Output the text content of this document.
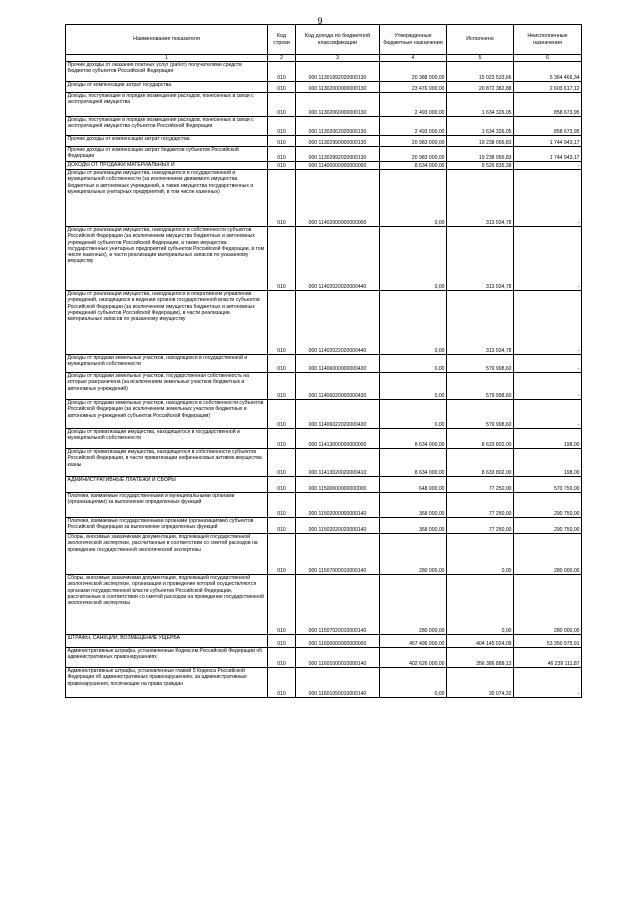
9
Наименование показателя	Код строки	Код дохода по бюджетной классификации	Утвержденные бюджетные назначения	Исполнено	Неисполненные назначения
1	2	3	4	5	6
Прочие доходы от оказания платных услуг (работ) получателями средств бюджетов субъектов Российской Федерации	010	000 11301992020000130	20 388 000,00	15 023 533,66	5 364 466,34
Доходы от компенсации затрат государства	010	000 11302000000000130	23 476 000,00	20 872 382,88	2 603 617,12
Доходы, поступающие в порядке возмещения расходов, понесенных в связи с эксплуатацией имущества	010	000 11302060000000130	2 493 000,00	1 634 326,05	858 673,95
Доходы, поступающие в порядке возмещения расходов, понесенных в связи с эксплуатацией имущества субъектов Российской Федерации	010	000 11302062020000130	2 493 000,00	1 634 326,05	858 673,95
Прочие доходы от компенсации затрат государства	010	000 11302990000000130	20 983 000,00	19 238 056,83	1 744 943,17
Прочие доходы от компенсации затрат бюджетов субъектов Российской Федерации	010	000 11302992020000130	20 983 000,00	19 238 056,83	1 744 943,17
ДОХОДЫ ОТ ПРОДАЖИ МАТЕРИАЛЬНЫХ И	010	000 11400000000000000	8 634 000,00	9 526 835,38	-
Доходы от реализации имущества, находящегося в государственной и муниципальной собственности (за исключением движимого имущества бюджетных и автономных учреждений, а также имущества государственных и муниципальных унитарных предприятий, в том числе казенных)	010	000 11402000000000000	0,00	313 034,78	-
Доходы от реализации имущества, находящегося в собственности субъектов Российской Федерации (за исключением имущества бюджетных и автономных учреждений субъектов Российской Федерации, а также имущества государственных унитарных предприятий субъектов Российской Федерации, в том числе казенных), в части реализации материальных запасов по указанному имуществу	010	000 11402020020000440	0,00	313 034,78	-
Доходы от реализации имущества, находящегося в оперативном управлении учреждений, находящихся в ведении органов государственной власти субъектов Российской Федерации (за исключением имущества бюджетных и автономных учреждений субъектов Российской Федерации), в части реализации материальных запасов по указанному имуществу	010	000 11402022020000440	0,00	313 034,78	-
Доходы от продажи земельных участков, находящихся в государственной и муниципальной собственности	010	000 11406000000000430	0,00	579 998,60	-
Доходы от продажи земельных участков, государственная собственность на которые разграничена (за исключением земельных участков бюджетных и автономных учреждений)	010	000 11406020000000430	0,00	579 998,60	-
Доходы от продажи земельных участков, находящихся в собственности субъектов Российской Федерации (за исключением земельных участков бюджетных и автономных учреждений субъектов Российской Федерации)	010	000 11406022020000430	0,00	579 998,60	-
Доходы от приватизации имущества, находящегося в государственной и муниципальной собственности	010	000 11413000000000000	8 634 000,00	8 633 802,00	198,00
Доходы от приватизации имущества, находящегося в собственности субъектов Российской Федерации, в части приватизации нефинансовых активов имущества казны	010	000 11413020020000410	8 634 000,00	8 633 802,00	198,00
АДМИНИСТРАТИВНЫЕ ПЛАТЕЖИ И СБОРЫ	010	000 11500000000000000	648 000,00	77 250,00	570 750,00
Платежи, взимаемые государственными и муниципальными органами (организациями) за выполнение определенных функций	010	000 11502000000000140	368 000,00	77 250,00	290 750,00
Платежи, взимаемые государственными органами (организациями) субъектов Российской Федерации за выполнение определенных функций	010	000 11502020020000140	368 000,00	77 250,00	290 750,00
Сборы, вносимые заказчиками документации, подлежащей государственной экологической экспертизе, рассчитанные в соответствии со сметой расходов на проведение государственной экологической экспертизы	010	000 11507000010000140	280 000,00	0,00	280 000,00
Сборы, вносимые заказчиками документации, подлежащей государственной экологической экспертизе, организация и проведение которой осуществляются органами государственной власти субъектов Российской Федерации, рассчитанные в соответствии со сметой расходов на проведение государственной экологической экспертизы	010	000 11507020010000140	280 000,00	0,00	280 000,00
ШТРАФЫ, САНКЦИИ, ВОЗМЕЩЕНИЕ УЩЕРБА	010	000 11600000000000000	457 496 000,00	404 145 024,09	53 350 975,91
Административные штрафы, установленные Кодексом Российской Федерации об административных правонарушениях	010	000 11601000010000140	402 626 000,00	356 386 888,13	46 239 111,87
Административные штрафы, установленные главой 5 Кодекса Российской Федерации об административных правонарушениях, за административные правонарушения, посягающие на права граждан	010	000 11601050010000140	0,00	30 074,32	-
